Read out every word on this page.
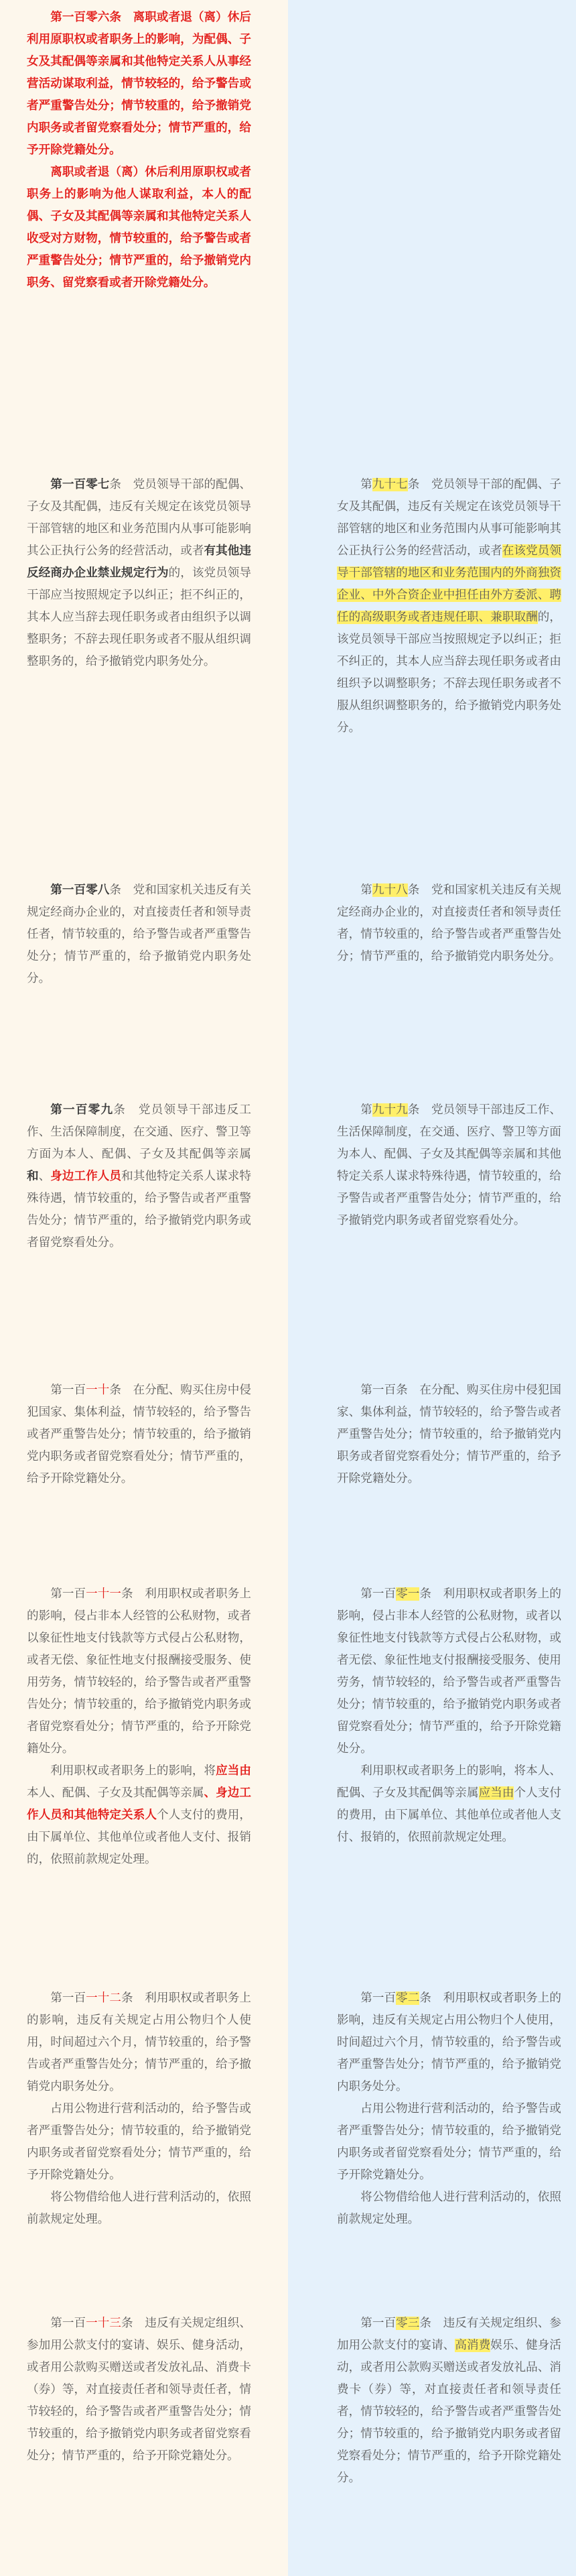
第一百零六条　离职或者退（离）休后利用原职权或者职务上的影响，为配偶、子女及其配偶等亲属和其他特定关系人从事经营活动谋取利益，情节较轻的，给予警告或者严重警告处分；情节较重的，给予撤销党内职务或者留党察看处分；情节严重的，给予开除党籍处分。

离职或者退（离）休后利用原职权或者职务上的影响为他人谋取利益，本人的配偶、子女及其配偶等亲属和其他特定关系人收受对方财物，情节较重的，给予警告或者严重警告处分；情节严重的，给予撤销党内职务、留党察看或者开除党籍处分。

第一百零七条　党员领导干部的配偶、子女及其配偶，违反有关规定在该党员领导干部管辖的地区和业务范围内从事可能影响其公正执行公务的经营活动，或者有其他违反经商办企业禁业规定行为的，该党员领导干部应当按照规定予以纠正；拒不纠正的，其本人应当辞去现任职务或者由组织予以调整职务；不辞去现任职务或者不服从组织调整职务的，给予撤销党内职务处分。

第九十七条　党员领导干部的配偶、子女及其配偶，违反有关规定在该党员领导干部管辖的地区和业务范围内从事可能影响其公正执行公务的经营活动，或者在该党员领导干部管辖的地区和业务范围内的外商独资企业、中外合资企业中担任由外方委派、聘任的高级职务或者违规任职、兼职取酬的，该党员领导干部应当按照规定予以纠正；拒不纠正的，其本人应当辞去现任职务或者由组织予以调整职务；不辞去现任职务或者不服从组织调整职务的，给予撤销党内职务处分。

第一百零八条　党和国家机关违反有关规定经商办企业的，对直接责任者和领导责任者，情节较重的，给予警告或者严重警告处分；情节严重的，给予撤销党内职务处分。

第九十八条　党和国家机关违反有关规定经商办企业的，对直接责任者和领导责任者，情节较重的，给予警告或者严重警告处分；情节严重的，给予撤销党内职务处分。

第一百零九条　党员领导干部违反工作、生活保障制度，在交通、医疗、警卫等方面为本人、配偶、子女及其配偶等亲属和、身边工作人员和其他特定关系人谋求特殊待遇，情节较重的，给予警告或者严重警告处分；情节严重的，给予撤销党内职务或者留党察看处分。

第九十九条　党员领导干部违反工作、生活保障制度，在交通、医疗、警卫等方面为本人、配偶、子女及其配偶等亲属和其他特定关系人谋求特殊待遇，情节较重的，给予警告或者严重警告处分；情节严重的，给予撤销党内职务或者留党察看处分。

第一百一十条　在分配、购买住房中侵犯国家、集体利益，情节较轻的，给予警告或者严重警告处分；情节较重的，给予撤销党内职务或者留党察看处分；情节严重的，给予开除党籍处分。

第一百条　在分配、购买住房中侵犯国家、集体利益，情节较轻的，给予警告或者严重警告处分；情节较重的，给予撤销党内职务或者留党察看处分；情节严重的，给予开除党籍处分。

第一百一十一条　利用职权或者职务上的影响，侵占非本人经管的公私财物，或者以象征性地支付钱款等方式侵占公私财物，或者无偿、象征性地支付报酬接受服务、使用劳务，情节较轻的，给予警告或者严重警告处分；情节较重的，给予撤销党内职务或者留党察看处分；情节严重的，给予开除党籍处分。

利用职权或者职务上的影响，将应当由本人、配偶、子女及其配偶等亲属、身边工作人员和其他特定关系人个人支付的费用，由下属单位、其他单位或者他人支付、报销的，依照前款规定处理。

第一百零一条　利用职权或者职务上的影响，侵占非本人经管的公私财物，或者以象征性地支付钱款等方式侵占公私财物，或者无偿、象征性地支付报酬接受服务、使用劳务，情节较轻的，给予警告或者严重警告处分；情节较重的，给予撤销党内职务或者留党察看处分；情节严重的，给予开除党籍处分。

利用职权或者职务上的影响，将本人、配偶、子女及其配偶等亲属应当由个人支付的费用，由下属单位、其他单位或者他人支付、报销的，依照前款规定处理。

第一百一十二条　利用职权或者职务上的影响，违反有关规定占用公物归个人使用，时间超过六个月，情节较重的，给予警告或者严重警告处分；情节严重的，给予撤销党内职务处分。

占用公物进行营利活动的，给予警告或者严重警告处分；情节较重的，给予撤销党内职务或者留党察看处分；情节严重的，给予开除党籍处分。

将公物借给他人进行营利活动的，依照前款规定处理。

第一百零二条　利用职权或者职务上的影响，违反有关规定占用公物归个人使用，时间超过六个月，情节较重的，给予警告或者严重警告处分；情节严重的，给予撤销党内职务处分。

占用公物进行营利活动的，给予警告或者严重警告处分；情节较重的，给予撤销党内职务或者留党察看处分；情节严重的，给予开除党籍处分。

将公物借给他人进行营利活动的，依照前款规定处理。

第一百一十三条　违反有关规定组织、参加用公款支付的宴请、娱乐、健身活动，或者用公款购买赠送或者发放礼品、消费卡（券）等，对直接责任者和领导责任者，情节较轻的，给予警告或者严重警告处分；情节较重的，给予撤销党内职务或者留党察看处分；情节严重的，给予开除党籍处分。

第一百零三条　违反有关规定组织、参加用公款支付的宴请、高消费娱乐、健身活动，或者用公款购买赠送或者发放礼品、消费卡（券）等，对直接责任者和领导责任者，情节较轻的，给予警告或者严重警告处分；情节较重的，给予撤销党内职务或者留党察看处分；情节严重的，给予开除党籍处分。
